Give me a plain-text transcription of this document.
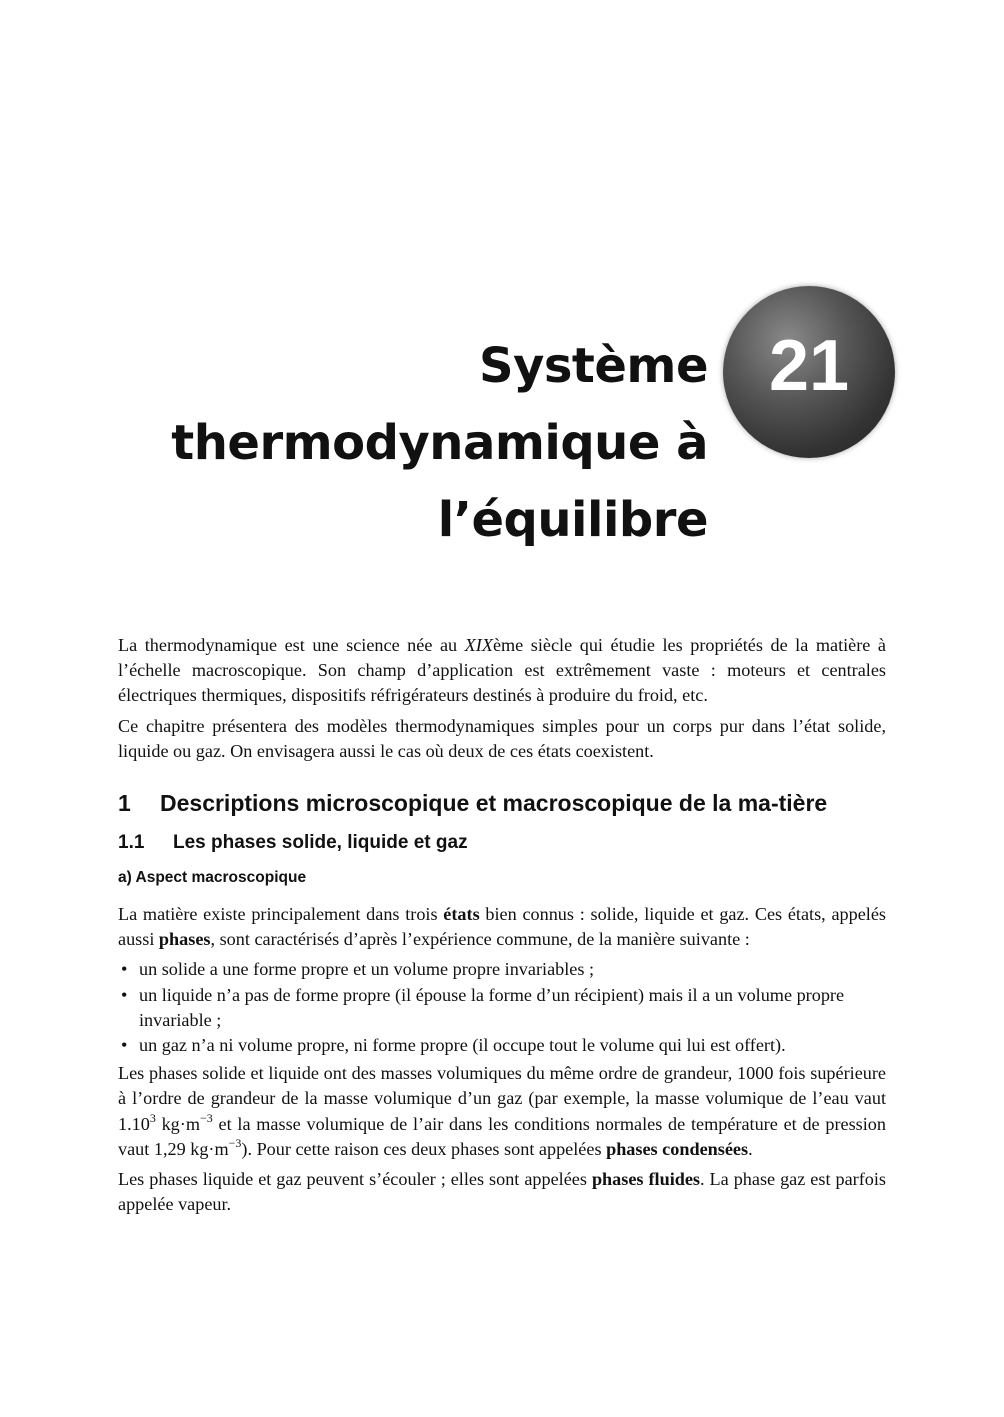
Système
thermodynamique à
l’équilibre
21

La thermodynamique est une science née au XIXème siècle qui étudie les propriétés de la matière à l’échelle macroscopique. Son champ d’application est extrêmement vaste : moteurs et centrales électriques thermiques, dispositifs réfrigérateurs destinés à produire du froid, etc.

Ce chapitre présentera des modèles thermodynamiques simples pour un corps pur dans l’état solide, liquide ou gaz. On envisagera aussi le cas où deux de ces états coexistent.

1	Descriptions microscopique et macroscopique de la ma-tière
1.1	Les phases solide, liquide et gaz
a) Aspect macroscopique

La matière existe principalement dans trois états bien connus : solide, liquide et gaz. Ces états, appelés aussi phases, sont caractérisés d’après l’expérience commune, de la manière suivante :

• un solide a une forme propre et un volume propre invariables ;
• un liquide n’a pas de forme propre (il épouse la forme d’un récipient) mais il a un volume propre invariable ;
• un gaz n’a ni volume propre, ni forme propre (il occupe tout le volume qui lui est offert).

Les phases solide et liquide ont des masses volumiques du même ordre de grandeur, 1000 fois supérieure à l’ordre de grandeur de la masse volumique d’un gaz (par exemple, la masse volumique de l’eau vaut 1.10$^3$ $kg\cdot m^{-3}$ et la masse volumique de l’air dans les conditions normales de température et de pression vaut 1,29 $kg\cdot m^{-3}$). Pour cette raison ces deux phases sont appelées phases condensées.

Les phases liquide et gaz peuvent s’écouler ; elles sont appelées phases fluides. La phase gaz est parfois appelée vapeur.
